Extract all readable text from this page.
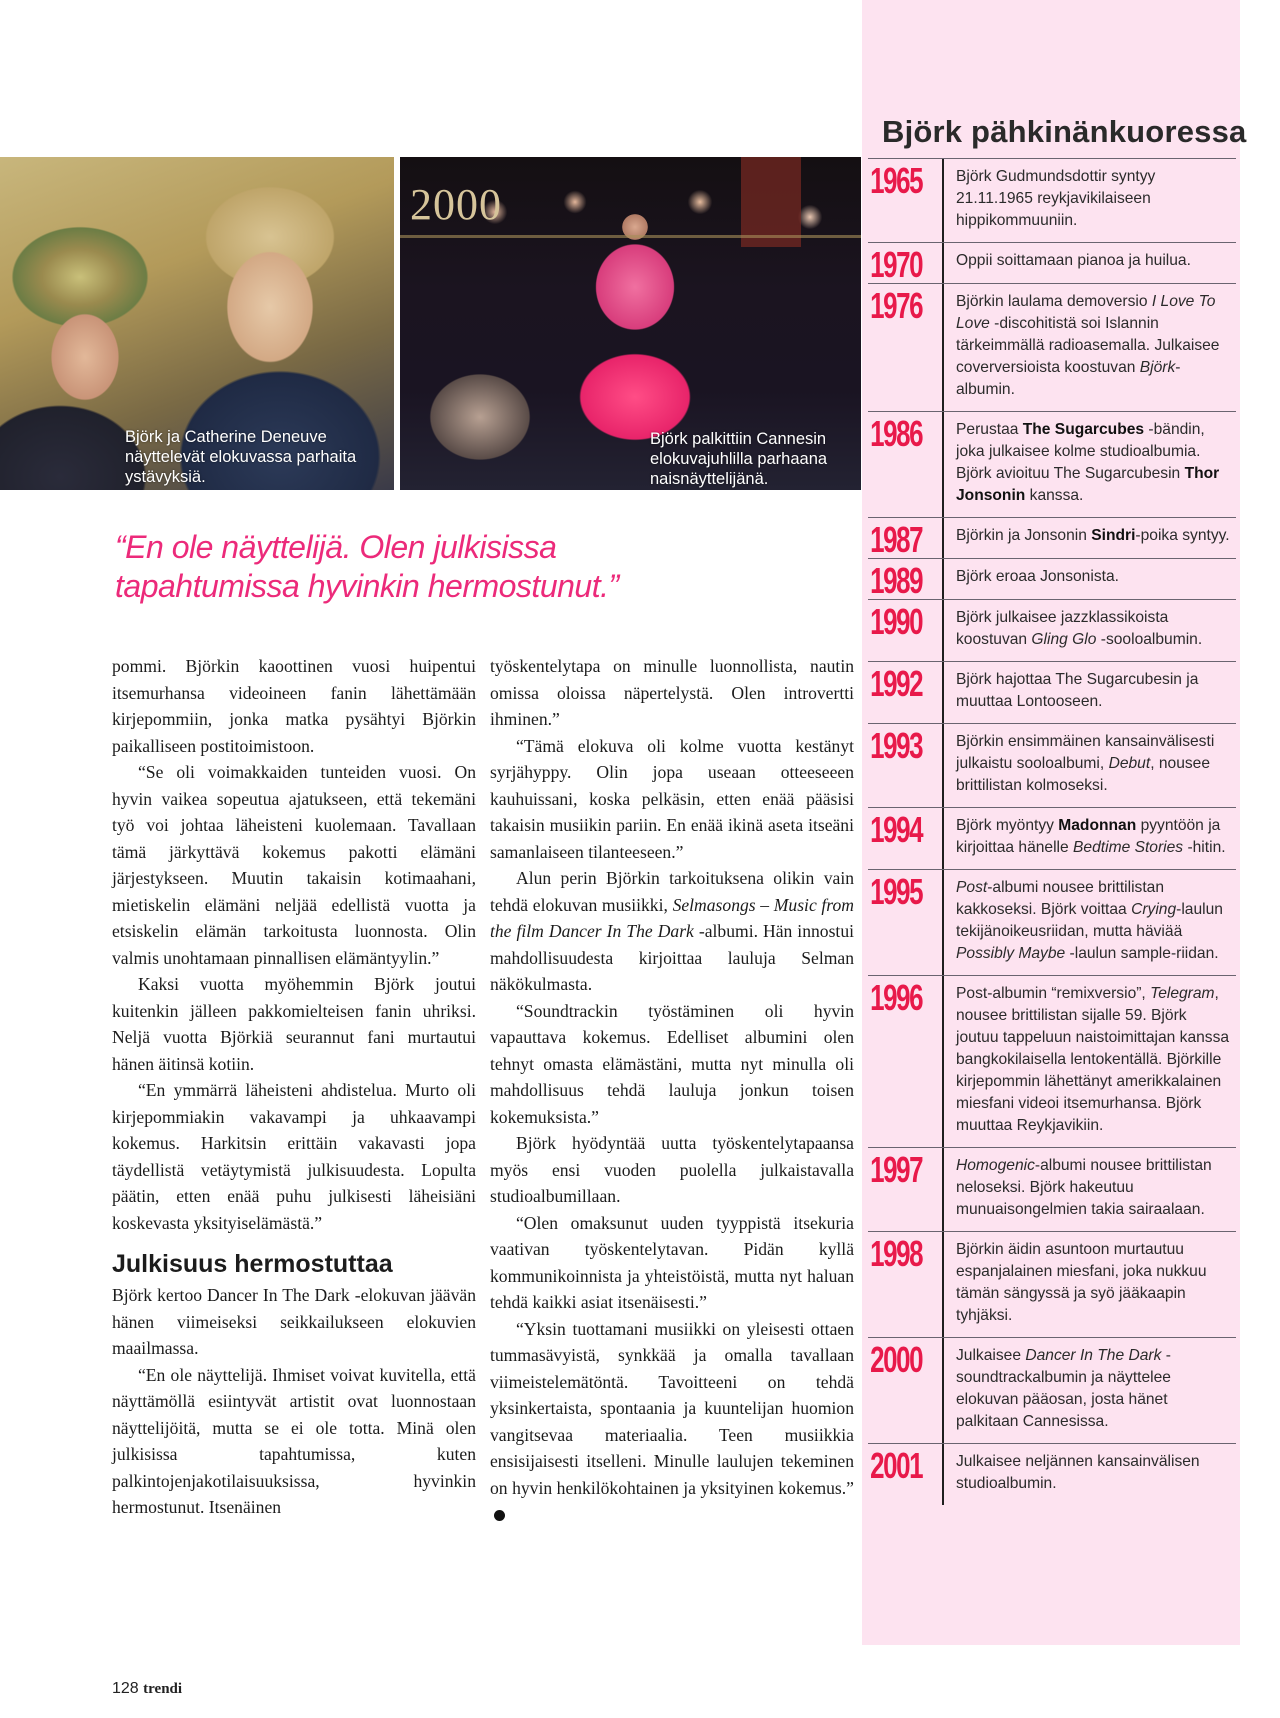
Björk ja Catherine Deneuve näyttelevät elokuvassa parhaita ystävyksiä.
2000
Björk palkittiin Cannesin elokuvajuhlilla parhaana naisnäyttelijänä.
“En ole näyttelijä. Olen julkisissa tapahtumissa hyvinkin hermostunut.”

pommi. Björkin kaoottinen vuosi huipentui itsemurhansa videoineen fanin lähettämään kirjepommiin, jonka matka pysähtyi Björkin paikalliseen postitoimistoon.

“Se oli voimakkaiden tunteiden vuosi. On hyvin vaikea sopeutua ajatukseen, että tekemäni työ voi johtaa läheisteni kuolemaan. Tavallaan tämä järkyttävä kokemus pakotti elämäni järjestykseen. Muutin takaisin kotimaahani, mietiskelin elämäni neljää edellistä vuotta ja etsiskelin elämän tarkoitusta luonnosta. Olin valmis unohtamaan pinnallisen elämäntyylin.”

Kaksi vuotta myöhemmin Björk joutui kuitenkin jälleen pakkomielteisen fanin uhriksi. Neljä vuotta Björkiä seurannut fani murtautui hänen äitinsä kotiin.

“En ymmärrä läheisteni ahdistelua. Murto oli kirjepommiakin vakavampi ja uhkaavampi kokemus. Harkitsin erittäin vakavasti jopa täydellistä vetäytymistä julkisuudesta. Lopulta päätin, etten enää puhu julkisesti läheisiäni koskevasta yksityiselämästä.”

Julkisuus hermostuttaa

Björk kertoo Dancer In The Dark -elokuvan jäävän hänen viimeiseksi seikkailukseen elokuvien maailmassa.

“En ole näyttelijä. Ihmiset voivat kuvitella, että näyttämöllä esiintyvät artistit ovat luonnostaan näyttelijöitä, mutta se ei ole totta. Minä olen julkisissa tapahtumissa, kuten palkintojenjakotilaisuuksissa, hyvinkin hermostunut. Itsenäinen

työskentelytapa on minulle luonnollista, nautin omissa oloissa näpertelystä. Olen introvertti ihminen.”

“Tämä elokuva oli kolme vuotta kestänyt syrjähyppy. Olin jopa useaan otteeseeen kauhuissani, koska pelkäsin, etten enää pääsisi takaisin musiikin pariin. En enää ikinä aseta itseäni samanlaiseen tilanteeseen.”

Alun perin Björkin tarkoituksena olikin vain tehdä elokuvan musiikki, Selmasongs – Music from the film Dancer In The Dark -albumi. Hän innostui mahdollisuudesta kirjoittaa lauluja Selman näkökulmasta.

“Soundtrackin työstäminen oli hyvin vapauttava kokemus. Edelliset albumini olen tehnyt omasta elämästäni, mutta nyt minulla oli mahdollisuus tehdä lauluja jonkun toisen kokemuksista.”

Björk hyödyntää uutta työskentelytapaansa myös ensi vuoden puolella julkaistavalla studioalbumillaan.

“Olen omaksunut uuden tyyppistä itsekuria vaativan työskentelytavan. Pidän kyllä kommunikoinnista ja yhteistöistä, mutta nyt haluan tehdä kaikki asiat itsenäisesti.”

“Yksin tuottamani musiikki on yleisesti ottaen tummasävyistä, synkkää ja omalla tavallaan viimeistelemätöntä. Tavoitteeni on tehdä yksinkertaista, spontaania ja kuuntelijan huomion vangitsevaa materiaalia. Teen musiikkia ensisijaisesti itselleni. Minulle laulujen tekeminen on hyvin henkilökohtainen ja yksityinen kokemus.”

128 trendi
Björk pähkinänkuoressa
1965	Björk Gudmundsdottir syntyy 21.11.1965 reykjavikilaiseen hippikommuuniin.
1970	Oppii soittamaan pianoa ja huilua.
1976	Björkin laulama demoversio I Love To Love -discohitistä soi Islannin tärkeimmällä radioasemalla. Julkaisee coverversioista koostuvan Björk-albumin.
1986	Perustaa The Sugarcubes -bändin, joka julkaisee kolme studioalbumia. Björk avioituu The Sugarcubesin Thor Jonsonin kanssa.
1987	Björkin ja Jonsonin Sindri-poika syntyy.
1989	Björk eroaa Jonsonista.
1990	Björk julkaisee jazzklassikoista koostuvan Gling Glo -sooloalbumin.
1992	Björk hajottaa The Sugarcubesin ja muuttaa Lontooseen.
1993	Björkin ensimmäinen kansainvälisesti julkaistu sooloalbumi, Debut, nousee brittilistan kolmoseksi.
1994	Björk myöntyy Madonnan pyyntöön ja kirjoittaa hänelle Bedtime Stories -hitin.
1995	Post-albumi nousee brittilistan kakkoseksi. Björk voittaa Crying-laulun tekijänoikeusriidan, mutta häviää Possibly Maybe -laulun sample-riidan.
1996	Post-albumin “remixversio”, Telegram, nousee brittilistan sijalle 59. Björk joutuu tappeluun naistoimittajan kanssa bangkokilaisella lentokentällä. Björkille kirjepommin lähettänyt amerikkalainen miesfani videoi itsemurhansa. Björk muuttaa Reykjavikiin.
1997	Homogenic-albumi nousee brittilistan neloseksi. Björk hakeutuu munuaisongelmien takia sairaalaan.
1998	Björkin äidin asuntoon murtautuu espanjalainen miesfani, joka nukkuu tämän sängyssä ja syö jääkaapin tyhjäksi.
2000	Julkaisee Dancer In The Dark -soundtrackalbumin ja näyttelee elokuvan pääosan, josta hänet palkitaan Cannesissa.
2001	Julkaisee neljännen kansainvälisen studioalbumin.
